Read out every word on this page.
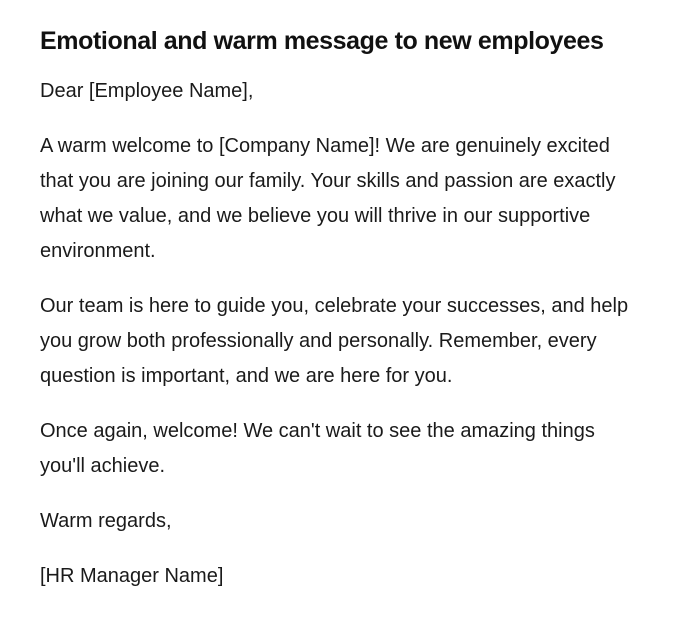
Emotional and warm message to new employees

Dear [Employee Name],

A warm welcome to [Company Name]! We are genuinely excited that you are joining our family. Your skills and passion are exactly what we value, and we believe you will thrive in our supportive environment.

Our team is here to guide you, celebrate your successes, and help you grow both professionally and personally. Remember, every question is important, and we are here for you.

Once again, welcome! We can't wait to see the amazing things you'll achieve.

Warm regards,

[HR Manager Name]
